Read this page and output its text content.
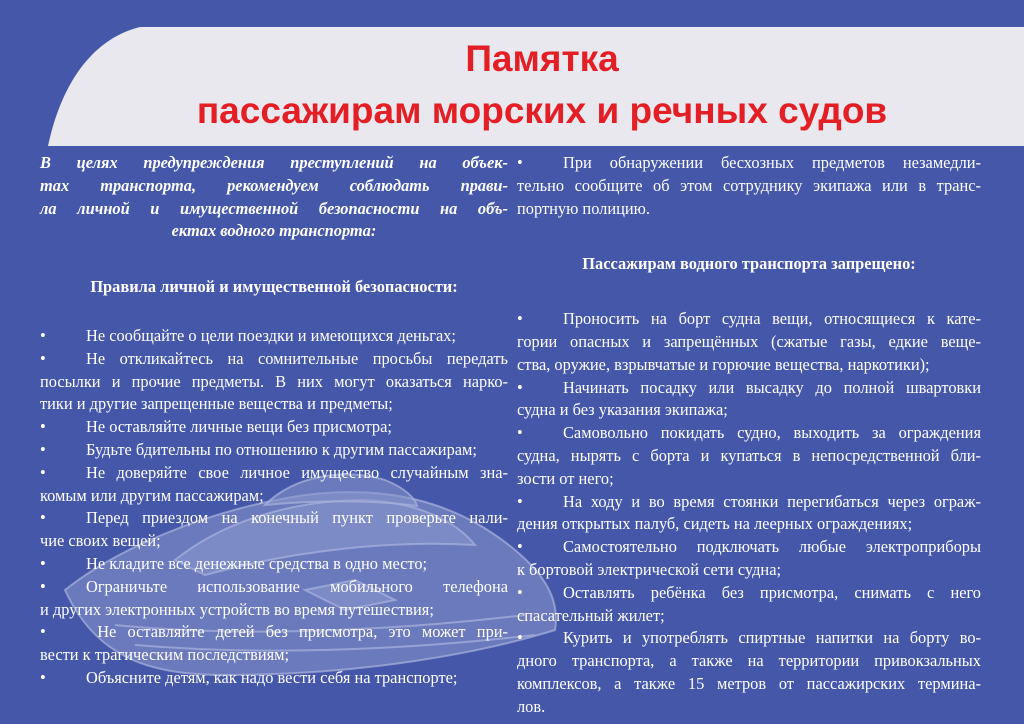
Памятка
пассажирам морских и речных судов

В целях предупреждения преступлений на объек-
тах транспорта, рекомендуем соблюдать прави-
ла личной и имущественной безопасности на объ-
ектах водного транспорта:

Правила личной и имущественной безопасности:

•Не сообщайте о цели поездки и имеющихся деньгах;
•Не откликайтесь на сомнительные просьбы передать
посылки и прочие предметы. В них могут оказаться нарко-
тики и другие запрещенные вещества и предметы;
•Не оставляйте личные вещи без присмотра;
•Будьте бдительны по отношению к другим пассажирам;
•Не доверяйте свое личное имущество случайным зна-
комым или другим пассажирам;
•Перед приездом на конечный пункт проверьте нали-
чие своих вещей;
•Не кладите все денежные средства в одно место;
•Ограничьте использование мобильного телефона
и других электронных устройств во время путешествия;
• Не оставляйте детей без присмотра, это может при-
вести к трагическим последствиям;
•Объясните детям, как надо вести себя на транспорте;
•При обнаружении бесхозных предметов незамедли-
тельно сообщите об этом сотруднику экипажа или в транс-
портную полицию.

Пассажирам водного транспорта запрещено:

•Проносить на борт судна вещи, относящиеся к кате-
гории опасных и запрещённых (сжатые газы, едкие веще-
ства, оружие, взрывчатые и горючие вещества, наркотики);
•Начинать посадку или высадку до полной швартовки
судна и без указания экипажа;
•Самовольно покидать судно, выходить за ограждения
судна, нырять с борта и купаться в непосредственной бли-
зости от него;
•На ходу и во время стоянки перегибаться через ограж-
дения открытых палуб, сидеть на леерных ограждениях;
•Самостоятельно подключать любые электроприборы
к бортовой электрической сети судна;
•Оставлять ребёнка без присмотра, снимать с него
спасательный жилет;
•Курить и употреблять спиртные напитки на борту во-
дного транспорта, а также на территории привокзальных
комплексов, а также 15 метров от пассажирских термина-
лов.
